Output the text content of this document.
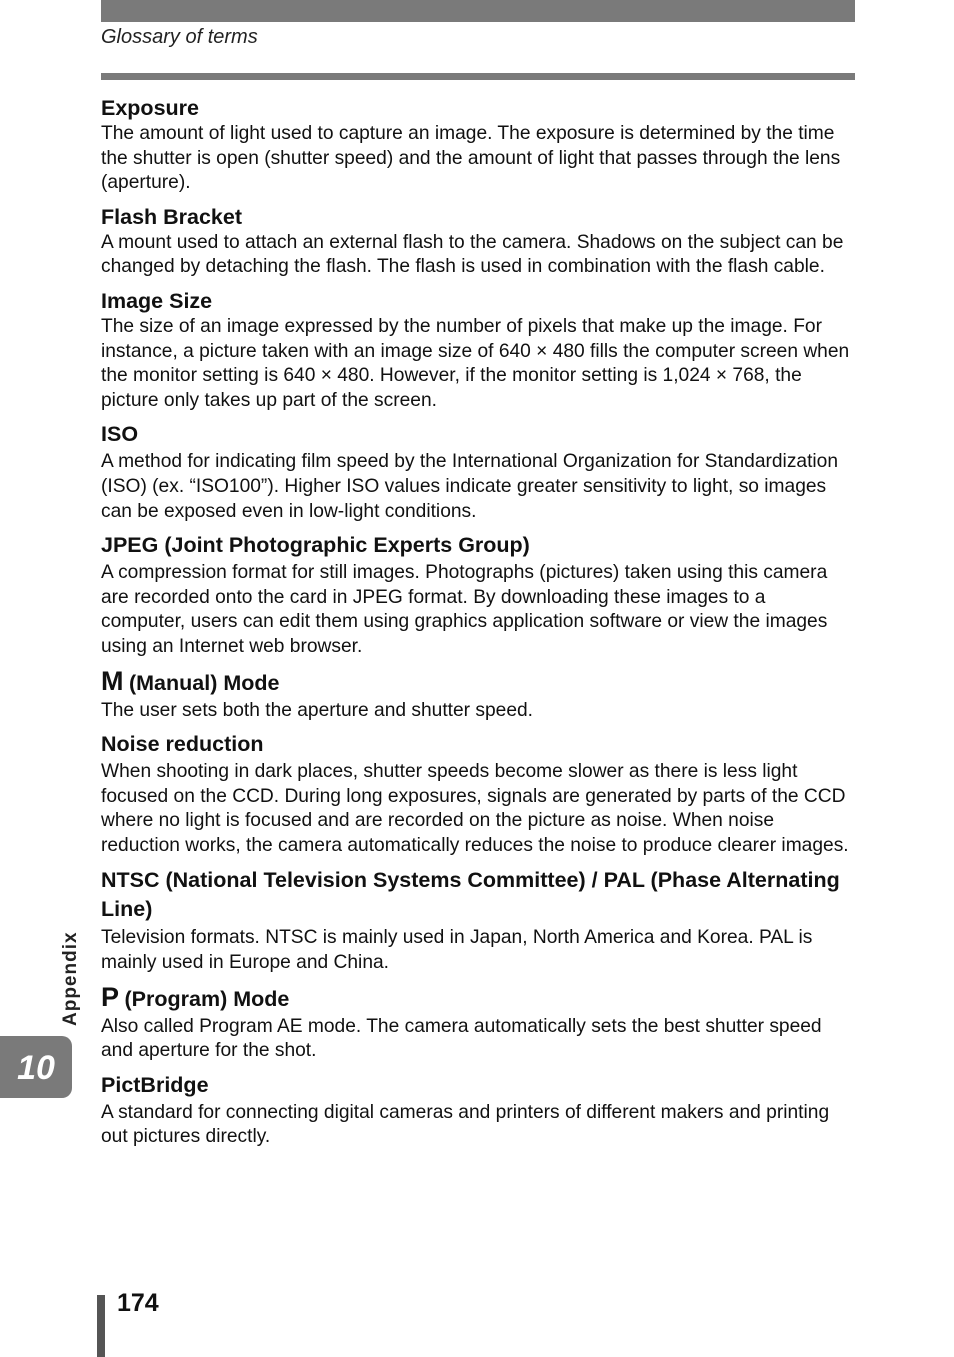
Glossary of terms
Exposure
The amount of light used to capture an image. The exposure is determined by the time the shutter is open (shutter speed) and the amount of light that passes through the lens (aperture).
Flash Bracket
A mount used to attach an external flash to the camera. Shadows on the subject can be changed by detaching the flash. The flash is used in combination with the flash cable.
Image Size
The size of an image expressed by the number of pixels that make up the image. For instance, a picture taken with an image size of 640 × 480 fills the computer screen when the monitor setting is 640 × 480. However, if the monitor setting is 1,024 × 768, the picture only takes up part of the screen.
ISO
A method for indicating film speed by the International Organization for Standardization (ISO) (ex. “ISO100”). Higher ISO values indicate greater sensitivity to light, so images can be exposed even in low-light conditions.
JPEG (Joint Photographic Experts Group)
A compression format for still images. Photographs (pictures) taken using this camera are recorded onto the card in JPEG format. By downloading these images to a computer, users can edit them using graphics application software or view the images using an Internet web browser.
M (Manual) Mode
The user sets both the aperture and shutter speed.
Noise reduction
When shooting in dark places, shutter speeds become slower as there is less light focused on the CCD. During long exposures, signals are generated by parts of the CCD where no light is focused and are recorded on the picture as noise. When noise reduction works, the camera automatically reduces the noise to produce clearer images.
NTSC (National Television Systems Committee) / PAL (Phase Alternating Line)
Television formats. NTSC is mainly used in Japan, North America and Korea. PAL is mainly used in Europe and China.
P (Program) Mode
Also called Program AE mode. The camera automatically sets the best shutter speed and aperture for the shot.
PictBridge
A standard for connecting digital cameras and printers of different makers and printing out pictures directly.
Appendix
10
174
